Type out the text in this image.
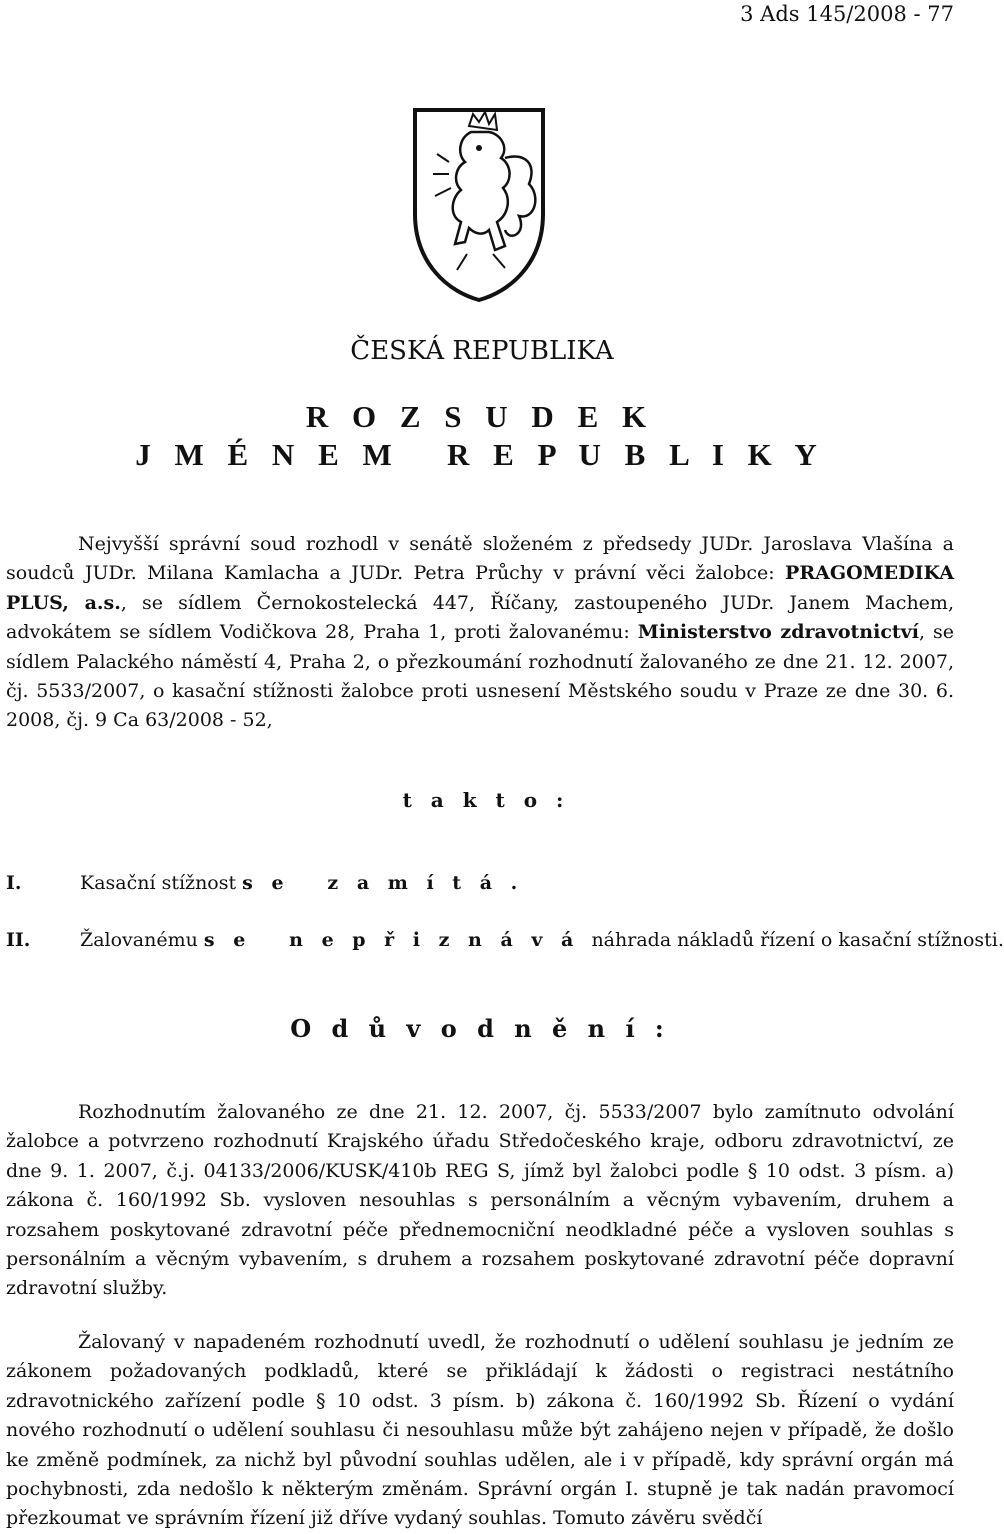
3 Ads 145/2008 - 77
ČESKÁ REPUBLIKA
R O Z S U D E K
J M É N E M   R E P U B L I K Y

Nejvyšší správní soud rozhodl v senátě složeném z předsedy JUDr. Jaroslava Vlašína a soudců JUDr. Milana Kamlacha a JUDr. Petra Průchy v právní věci žalobce: PRAGOMEDIKA PLUS, a.s., se sídlem Černokostelecká 447, Říčany, zastoupeného JUDr. Janem Machem, advokátem se sídlem Vodičkova 28, Praha 1, proti žalovanému: Ministerstvo zdravotnictví, se sídlem Palackého náměstí 4, Praha 2, o přezkoumání rozhodnutí žalovaného ze dne 21. 12. 2007, čj. 5533/2007, o kasační stížnosti žalobce proti usnesení Městského soudu v Praze ze dne 30. 6. 2008, čj. 9 Ca 63/2008 - 52,

t a k t o :
I.	Kasační stížnost s e   z a m í t á .
II.	Žalovanému s e   n e p ř i z n á v á  náhrada nákladů řízení o kasační stížnosti.
O d ů v o d n ě n í :

Rozhodnutím žalovaného ze dne 21. 12. 2007, čj. 5533/2007 bylo zamítnuto odvolání žalobce a potvrzeno rozhodnutí Krajského úřadu Středočeského kraje, odboru zdravotnictví, ze dne 9. 1. 2007, č.j. 04133/2006/KUSK/410b REG S, jímž byl žalobci podle § 10 odst. 3 písm. a) zákona č. 160/1992 Sb. vysloven nesouhlas s personálním a věcným vybavením, druhem a rozsahem poskytované zdravotní péče přednemocniční neodkladné péče a vysloven souhlas s personálním a věcným vybavením, s druhem a rozsahem poskytované zdravotní péče dopravní zdravotní služby.

Žalovaný v napadeném rozhodnutí uvedl, že rozhodnutí o udělení souhlasu je jedním ze zákonem požadovaných podkladů, které se přikládají k žádosti o registraci nestátního zdravotnického zařízení podle § 10 odst. 3 písm. b) zákona č. 160/1992 Sb. Řízení o vydání nového rozhodnutí o udělení souhlasu či nesouhlasu může být zahájeno nejen v případě, že došlo ke změně podmínek, za nichž byl původní souhlas udělen, ale i v případě, kdy správní orgán má pochybnosti, zda nedošlo k některým změnám. Správní orgán I. stupně je tak nadán pravomocí přezkoumat ve správním řízení již dříve vydaný souhlas. Tomuto závěru svědčí
